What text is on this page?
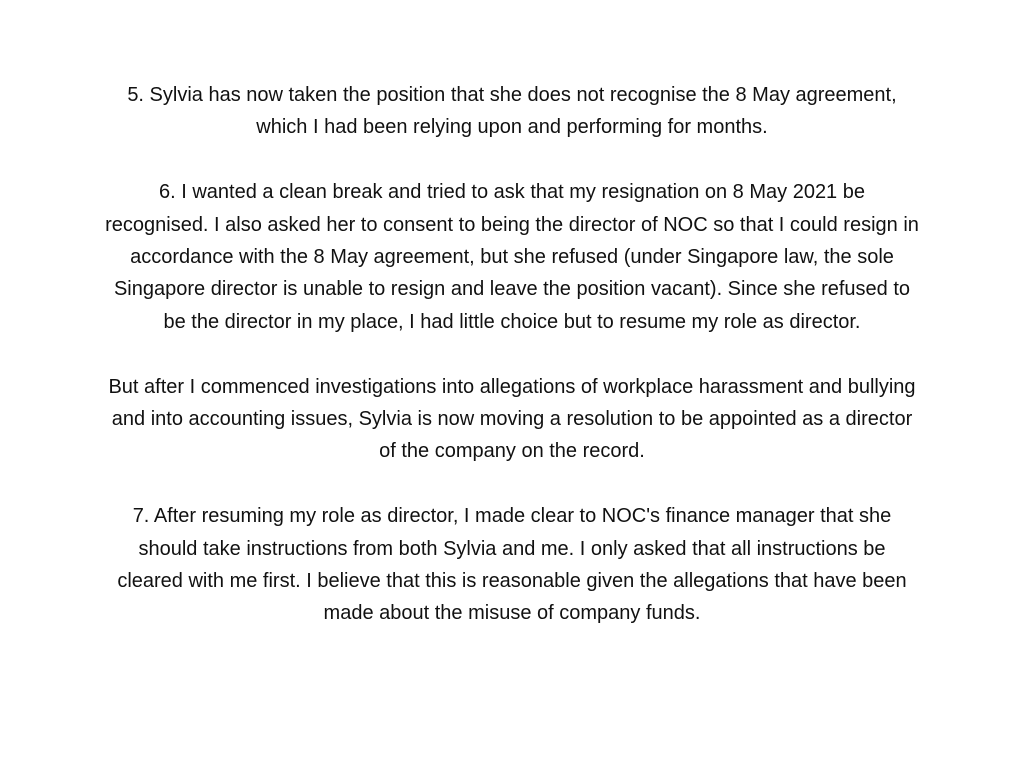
5. Sylvia has now taken the position that she does not recognise the 8 May agreement,
which I had been relying upon and performing for months.

6. I wanted a clean break and tried to ask that my resignation on 8 May 2021 be
recognised. I also asked her to consent to being the director of NOC so that I could resign in
accordance with the 8 May agreement, but she refused (under Singapore law, the sole
Singapore director is unable to resign and leave the position vacant). Since she refused to
be the director in my place, I had little choice but to resume my role as director.

But after I commenced investigations into allegations of workplace harassment and bullying
and into accounting issues, Sylvia is now moving a resolution to be appointed as a director
of the company on the record.

7. After resuming my role as director, I made clear to NOC's finance manager that she
should take instructions from both Sylvia and me. I only asked that all instructions be
cleared with me first. I believe that this is reasonable given the allegations that have been
made about the misuse of company funds.
